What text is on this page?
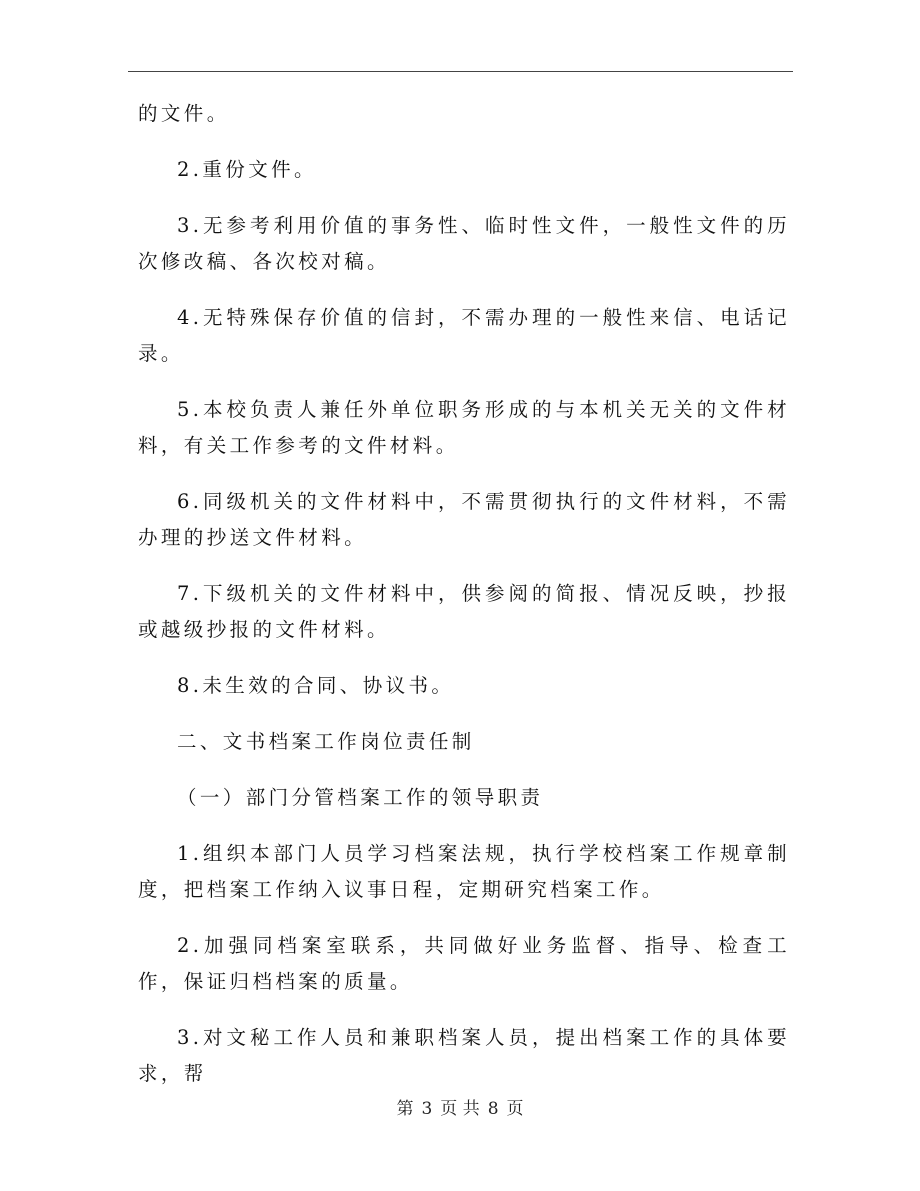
的文件。

2.重份文件。

3.无参考利用价值的事务性、临时性文件，一般性文件的历次修改稿、各次校对稿。

4.无特殊保存价值的信封，不需办理的一般性来信、电话记录。

5.本校负责人兼任外单位职务形成的与本机关无关的文件材料，有关工作参考的文件材料。

6.同级机关的文件材料中，不需贯彻执行的文件材料，不需办理的抄送文件材料。

7.下级机关的文件材料中，供参阅的简报、情况反映，抄报或越级抄报的文件材料。

8.未生效的合同、协议书。

二、文书档案工作岗位责任制

（一）部门分管档案工作的领导职责

1.组织本部门人员学习档案法规，执行学校档案工作规章制度，把档案工作纳入议事日程，定期研究档案工作。

2.加强同档案室联系，共同做好业务监督、指导、检查工作，保证归档档案的质量。

3.对文秘工作人员和兼职档案人员，提出档案工作的具体要求，帮

第 3 页 共 8 页
